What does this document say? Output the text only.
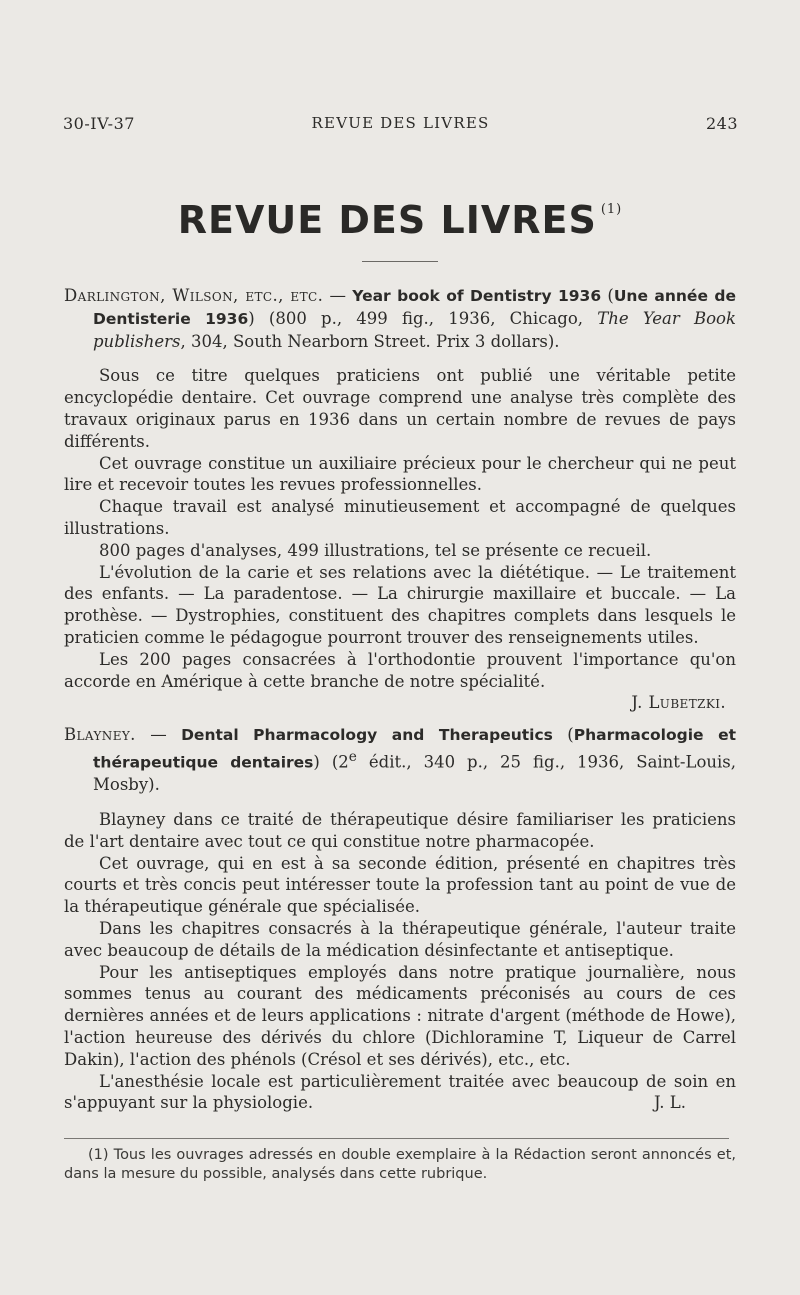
30-IV-37	REVUE DES LIVRES	243
REVUE DES LIVRES $^{(1)}$

Darlington, Wilson, etc., etc. — Year book of Dentistry 1936 (Une année de Dentisterie 1936) (800 p., 499 fig., 1936, Chicago, The Year Book publishers, 304, South Nearborn Street. Prix 3 dollars).

Sous ce titre quelques praticiens ont publié une véritable petite encyclopédie dentaire. Cet ouvrage comprend une analyse très complète des travaux originaux parus en 1936 dans un certain nombre de revues de pays différents.

Cet ouvrage constitue un auxiliaire précieux pour le chercheur qui ne peut lire et recevoir toutes les revues professionnelles.

Chaque travail est analysé minutieusement et accompagné de quelques illustrations.

800 pages d'analyses, 499 illustrations, tel se présente ce recueil.

L'évolution de la carie et ses relations avec la diététique. — Le traitement des enfants. — La paradentose. — La chirurgie maxillaire et buccale. — La prothèse. — Dystrophies, constituent des chapitres complets dans lesquels le praticien comme le pédagogue pourront trouver des renseignements utiles.

Les 200 pages consacrées à l'orthodontie prouvent l'importance qu'on accorde en Amérique à cette branche de notre spécialité.

J. Lubetzki.

Blayney. — Dental Pharmacology and Therapeutics (Pharmacologie et thérapeutique dentaires) (2e édit., 340 p., 25 fig., 1936, Saint-Louis, Mosby).

Blayney dans ce traité de thérapeutique désire familiariser les praticiens de l'art dentaire avec tout ce qui constitue notre pharmacopée.

Cet ouvrage, qui en est à sa seconde édition, présenté en chapitres très courts et très concis peut intéresser toute la profession tant au point de vue de la thérapeutique générale que spécialisée.

Dans les chapitres consacrés à la thérapeutique générale, l'auteur traite avec beaucoup de détails de la médication désinfectante et antiseptique.

Pour les antiseptiques employés dans notre pratique journalière, nous sommes tenus au courant des médicaments préconisés au cours de ces dernières années et de leurs applications : nitrate d'argent (méthode de Howe), l'action heureuse des dérivés du chlore (Dichloramine T, Liqueur de Carrel Dakin), l'action des phénols (Crésol et ses dérivés), etc., etc.

L'anesthésie locale est particulièrement traitée avec beaucoup de soin en s'appuyant sur la physiologie.	J. L.

(1) Tous les ouvrages adressés en double exemplaire à la Rédaction seront annoncés et, dans la mesure du possible, analysés dans cette rubrique.
